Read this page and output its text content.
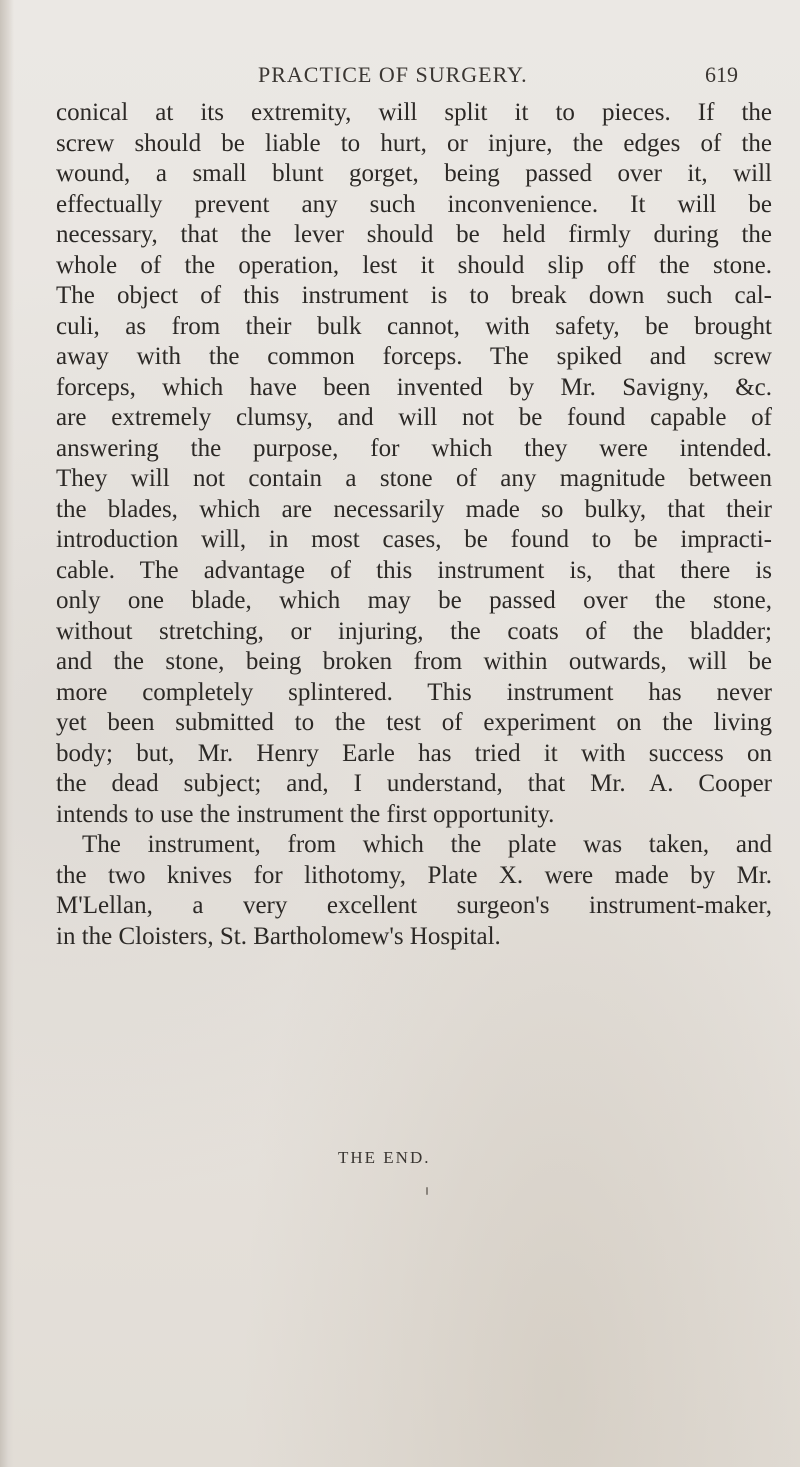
PRACTICE OF SURGERY.	619
conical at its extremity, will split it to pieces. If the
screw should be liable to hurt, or injure, the edges of the
wound, a small blunt gorget, being passed over it, will
effectually prevent any such inconvenience. It will be
necessary, that the lever should be held firmly during the
whole of the operation, lest it should slip off the stone.
The object of this instrument is to break down such cal-
culi, as from their bulk cannot, with safety, be brought
away with the common forceps. The spiked and screw
forceps, which have been invented by Mr. Savigny, &c.
are extremely clumsy, and will not be found capable of
answering the purpose, for which they were intended.
They will not contain a stone of any magnitude between
the blades, which are necessarily made so bulky, that their
introduction will, in most cases, be found to be impracti-
cable. The advantage of this instrument is, that there is
only one blade, which may be passed over the stone,
without stretching, or injuring, the coats of the bladder;
and the stone, being broken from within outwards, will be
more completely splintered. This instrument has never
yet been submitted to the test of experiment on the living
body; but, Mr. Henry Earle has tried it with success on
the dead subject; and, I understand, that Mr. A. Cooper
intends to use the instrument the first opportunity.
The instrument, from which the plate was taken, and
the two knives for lithotomy, Plate X. were made by Mr.
M'Lellan, a very excellent surgeon's instrument-maker,
in the Cloisters, St. Bartholomew's Hospital.
THE END.
